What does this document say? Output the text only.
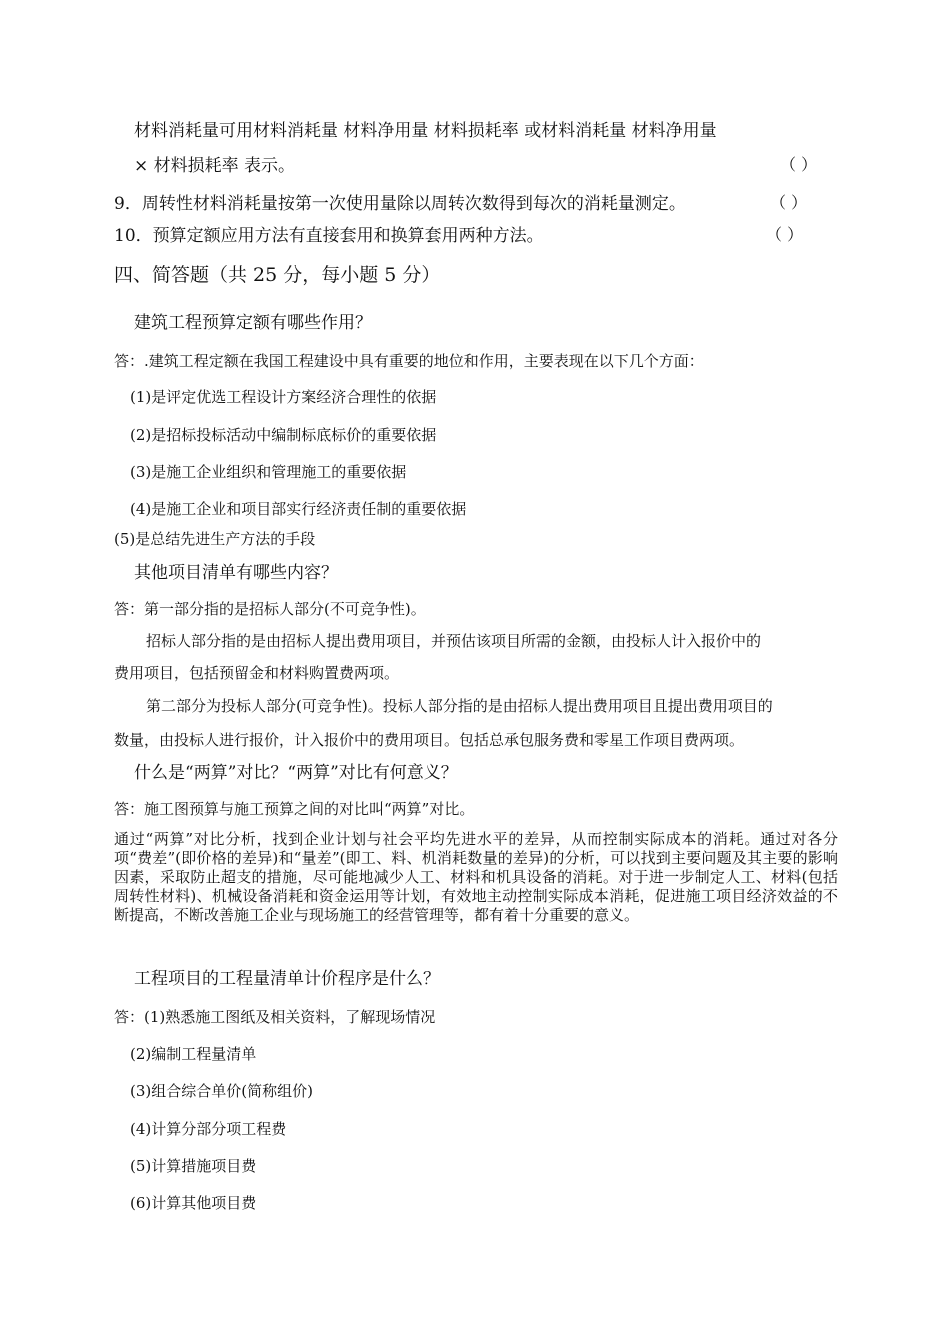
材料消耗量可用材料消耗量 材料净用量 材料损耗率 或材料消耗量 材料净用量
× 材料损耗率 表示。	（ ）
9．周转性材料消耗量按第一次使用量除以周转次数得到每次的消耗量测定。	（ ）
10．预算定额应用方法有直接套用和换算套用两种方法。	（ ）
四、简答题（共 25 分，每小题 5 分）
建筑工程预算定额有哪些作用？
答：.建筑工程定额在我国工程建设中具有重要的地位和作用，主要表现在以下几个方面：
(1)是评定优选工程设计方案经济合理性的依据
(2)是招标投标活动中编制标底标价的重要依据
(3)是施工企业组织和管理施工的重要依据
(4)是施工企业和项目部实行经济责任制的重要依据
(5)是总结先进生产方法的手段
其他项目清单有哪些内容？
答：第一部分指的是招标人部分(不可竞争性)。
招标人部分指的是由招标人提出费用项目，并预估该项目所需的金额，由投标人计入报价中的
费用项目，包括预留金和材料购置费两项。
第二部分为投标人部分(可竞争性)。投标人部分指的是由招标人提出费用项目且提出费用项目的
数量，由投标人进行报价，计入报价中的费用项目。包括总承包服务费和零星工作项目费两项。
什么是“两算”对比？“两算”对比有何意义？
答：施工图预算与施工预算之间的对比叫“两算”对比。
通过“两算”对比分析，找到企业计划与社会平均先进水平的差异，从而控制实际成本的消耗。通过对各分项“费差”(即价格的差异)和“量差”(即工、料、机消耗数量的差异)的分析，可以找到主要问题及其主要的影响因素，采取防止超支的措施，尽可能地减少人工、材料和机具设备的消耗。对于进一步制定人工、材料(包括周转性材料)、机械设备消耗和资金运用等计划，有效地主动控制实际成本消耗，促进施工项目经济效益的不断提高，不断改善施工企业与现场施工的经营管理等，都有着十分重要的意义。
工程项目的工程量清单计价程序是什么？
答：(1)熟悉施工图纸及相关资料，了解现场情况
(2)编制工程量清单
(3)组合综合单价(简称组价)
(4)计算分部分项工程费
(5)计算措施项目费
(6)计算其他项目费
